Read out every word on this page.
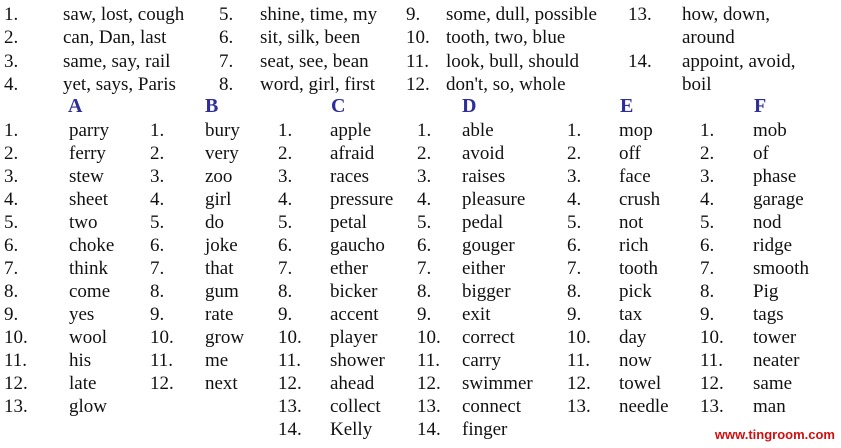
1. saw, lost, cough
2. can, Dan, last
3. same, say, rail
4. yet, says, Paris
5. shine, time, my
6. sit, silk, been
7. seat, see, bean
8. word, girl, first
9. some, dull, possible
10. tooth, two, blue
11. look, bull, should
12. don't, so, whole
13. how, down,
around
14. appoint, avoid,
boil
A
1.	parry
2.	ferry
3.	stew
4.	sheet
5.	two
6.	choke
7.	think
8.	come
9.	yes
10. wool
11. his
12. late
13. glow
B
1. bury
2. very
3. zoo
4. girl
5. do
6. joke
7. that
8. gum
9. rate
10. grow
11. me
12. next
C
1. apple
2. afraid
3. races
4. pressure
5. petal
6. gaucho
7. ether
8. bicker
9. accent
10. player
11. shower
12. ahead
13. collect
14. Kelly
D
1. able
2. avoid
3. raises
4. pleasure
5. pedal
6. gouger
7. either
8. bigger
9. exit
10. correct
11. carry
12. swimmer
13. connect
14. finger
E
1. mop
2. off
3. face
4. crush
5. not
6. rich
7. tooth
8. pick
9. tax
10. day
11. now
12. towel
13. needle
F
1. mob
2. of
3. phase
4. garage
5. nod
6. ridge
7. smooth
8. Pig
9. tags
10. tower
11. neater
12. same
13. man
www.tingroom.com
